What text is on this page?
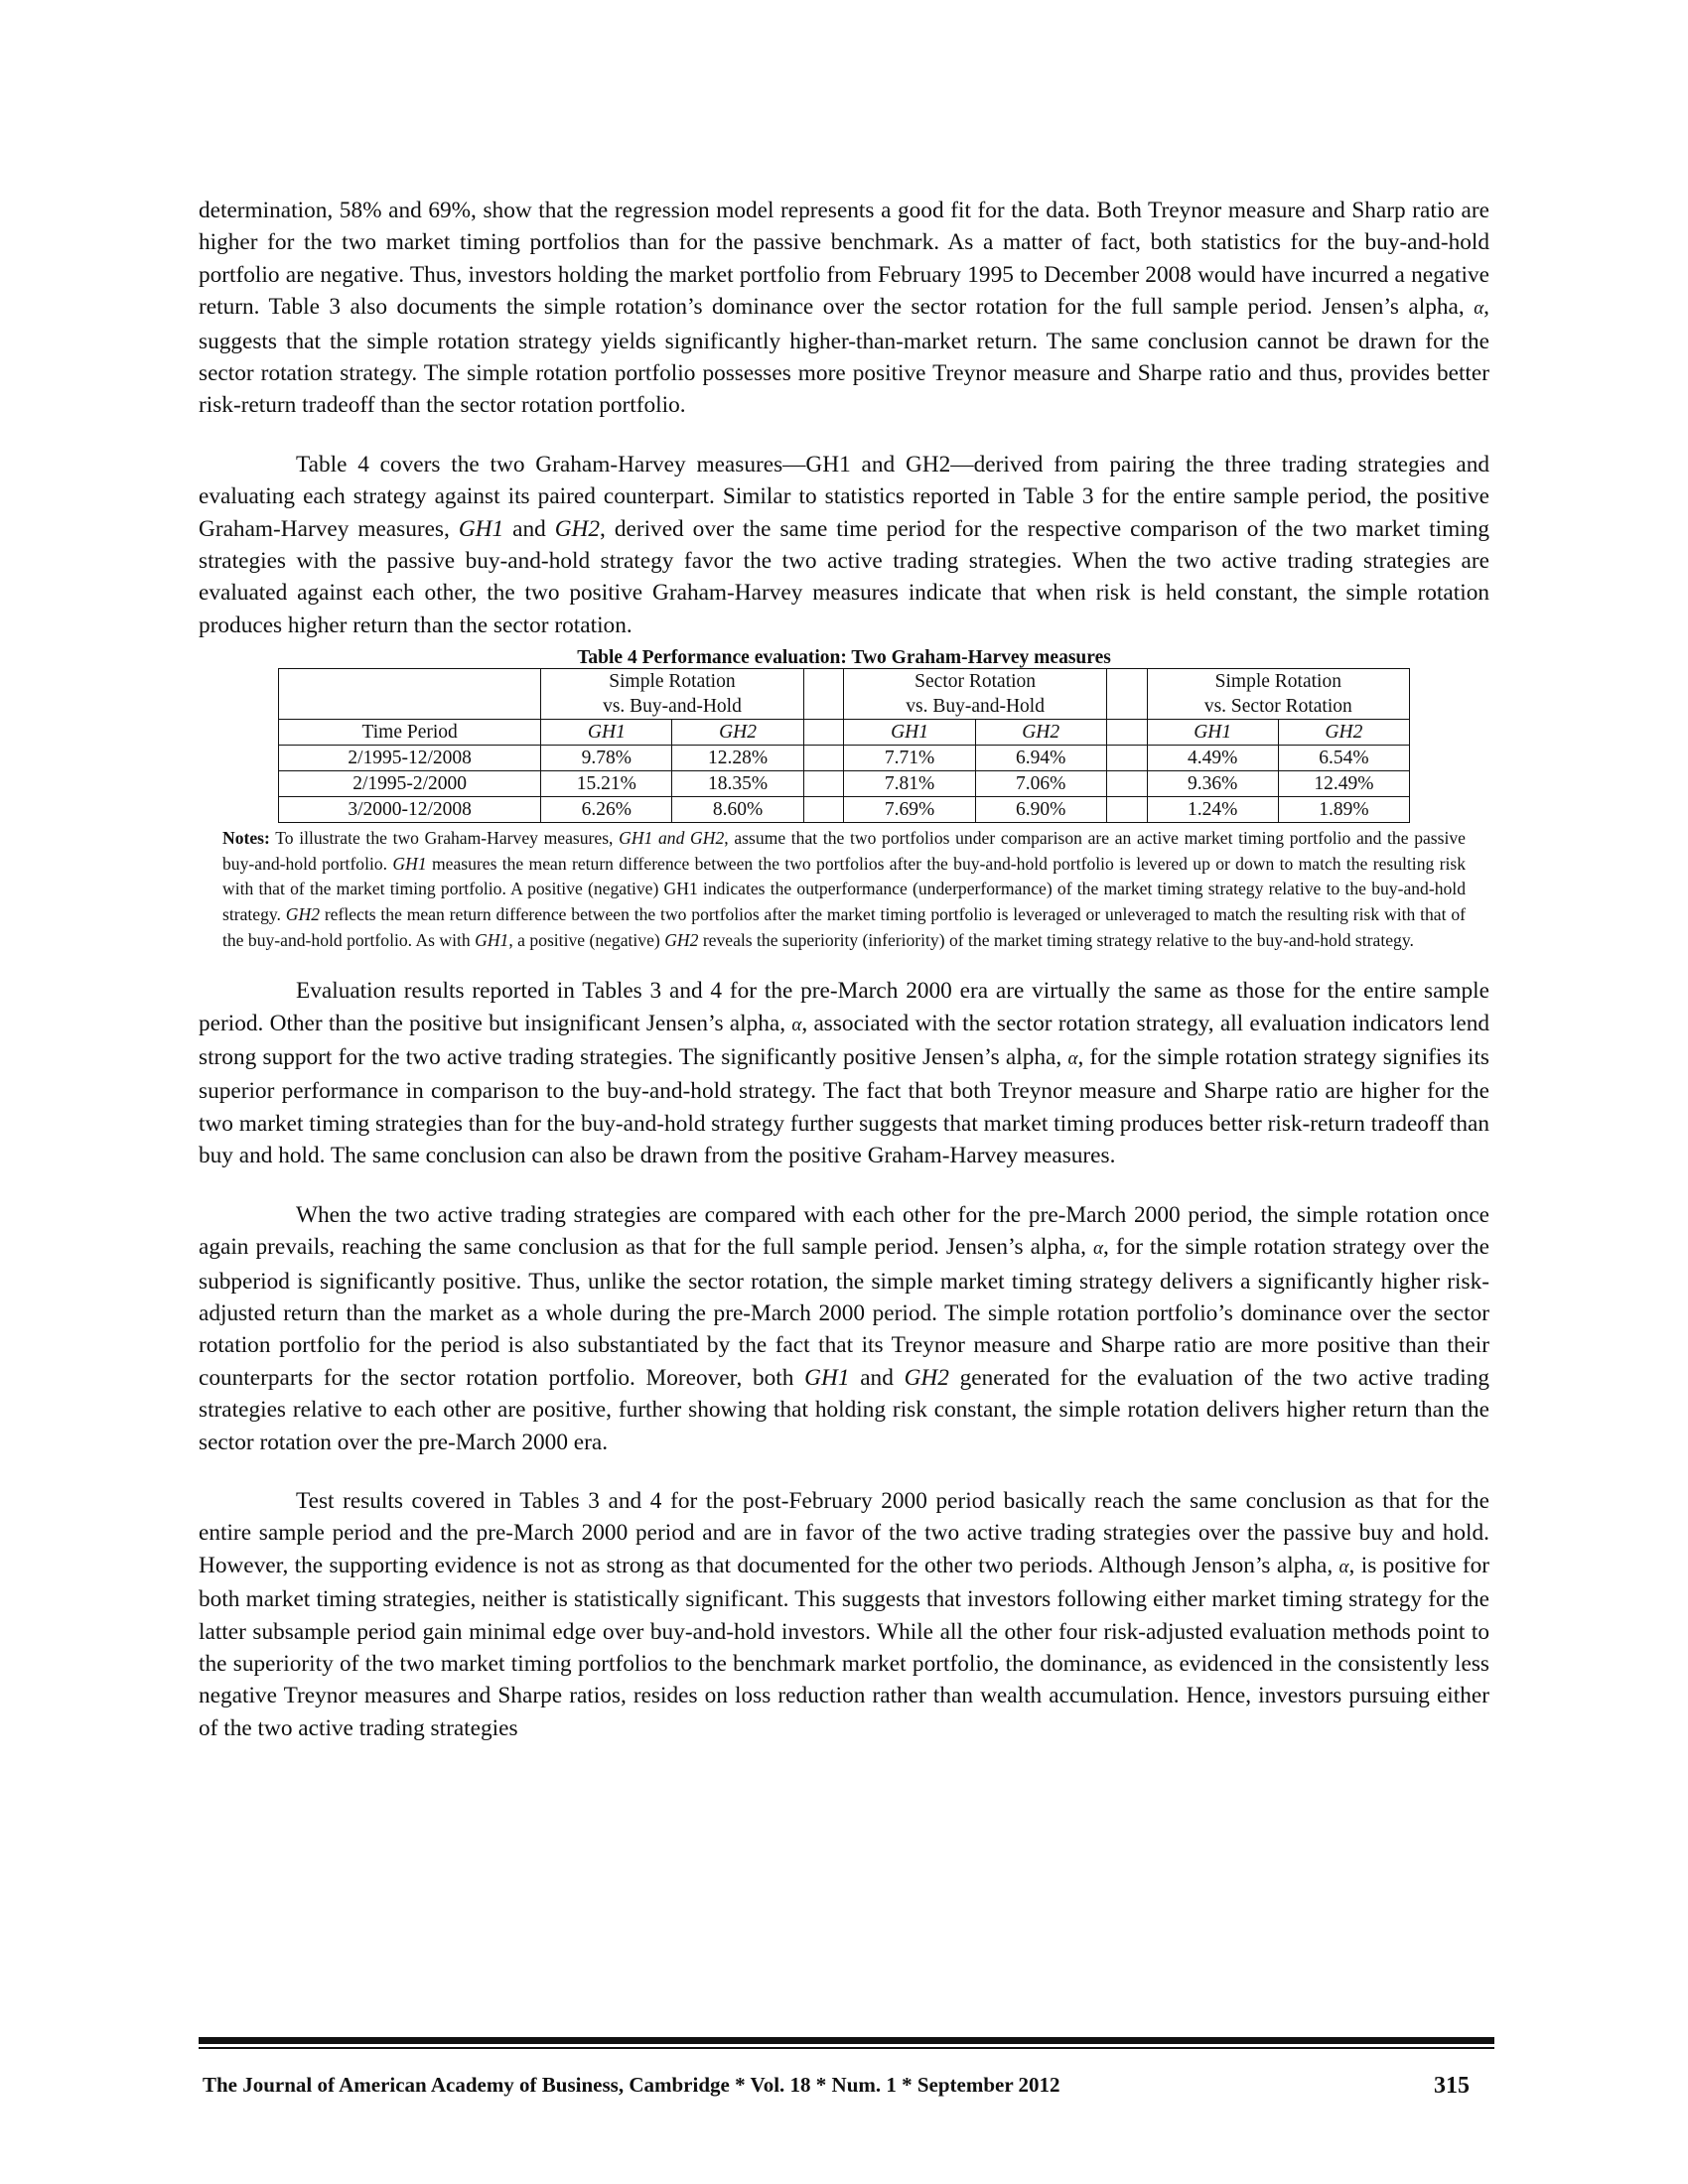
determination, 58% and 69%, show that the regression model represents a good fit for the data. Both Treynor measure and Sharp ratio are higher for the two market timing portfolios than for the passive benchmark. As a matter of fact, both statistics for the buy-and-hold portfolio are negative. Thus, investors holding the market portfolio from February 1995 to December 2008 would have incurred a negative return. Table 3 also documents the simple rotation’s dominance over the sector rotation for the full sample period. Jensen’s alpha, α, suggests that the simple rotation strategy yields significantly higher-than-market return. The same conclusion cannot be drawn for the sector rotation strategy. The simple rotation portfolio possesses more positive Treynor measure and Sharpe ratio and thus, provides better risk-return tradeoff than the sector rotation portfolio.

Table 4 covers the two Graham-Harvey measures—GH1 and GH2—derived from pairing the three trading strategies and evaluating each strategy against its paired counterpart. Similar to statistics reported in Table 3 for the entire sample period, the positive Graham-Harvey measures, GH1 and GH2, derived over the same time period for the respective comparison of the two market timing strategies with the passive buy-and-hold strategy favor the two active trading strategies. When the two active trading strategies are evaluated against each other, the two positive Graham-Harvey measures indicate that when risk is held constant, the simple rotation produces higher return than the sector rotation.

Table 4 Performance evaluation: Two Graham-Harvey measures
	Simple Rotation			Sector Rotation			Simple Rotation	
	vs. Buy-and-Hold			vs. Buy-and-Hold			vs. Sector Rotation	
Time Period	GH1	GH2		GH1	GH2		GH1	GH2
2/1995-12/2008	9.78%	12.28%		7.71%	6.94%		4.49%	6.54%
2/1995-2/2000	15.21%	18.35%		7.81%	7.06%		9.36%	12.49%
3/2000-12/2008	6.26%	8.60%		7.69%	6.90%		1.24%	1.89%
Notes: To illustrate the two Graham-Harvey measures, GH1 and GH2, assume that the two portfolios under comparison are an active market timing portfolio and the passive buy-and-hold portfolio. GH1 measures the mean return difference between the two portfolios after the buy-and-hold portfolio is levered up or down to match the resulting risk with that of the market timing portfolio. A positive (negative) GH1 indicates the outperformance (underperformance) of the market timing strategy relative to the buy-and-hold strategy. GH2 reflects the mean return difference between the two portfolios after the market timing portfolio is leveraged or unleveraged to match the resulting risk with that of the buy-and-hold portfolio. As with GH1, a positive (negative) GH2 reveals the superiority (inferiority) of the market timing strategy relative to the buy-and-hold strategy.

Evaluation results reported in Tables 3 and 4 for the pre-March 2000 era are virtually the same as those for the entire sample period. Other than the positive but insignificant Jensen’s alpha, α, associated with the sector rotation strategy, all evaluation indicators lend strong support for the two active trading strategies. The significantly positive Jensen’s alpha, α, for the simple rotation strategy signifies its superior performance in comparison to the buy-and-hold strategy. The fact that both Treynor measure and Sharpe ratio are higher for the two market timing strategies than for the buy-and-hold strategy further suggests that market timing produces better risk-return tradeoff than buy and hold. The same conclusion can also be drawn from the positive Graham-Harvey measures.

When the two active trading strategies are compared with each other for the pre-March 2000 period, the simple rotation once again prevails, reaching the same conclusion as that for the full sample period. Jensen’s alpha, α, for the simple rotation strategy over the subperiod is significantly positive. Thus, unlike the sector rotation, the simple market timing strategy delivers a significantly higher risk-adjusted return than the market as a whole during the pre-March 2000 period. The simple rotation portfolio’s dominance over the sector rotation portfolio for the period is also substantiated by the fact that its Treynor measure and Sharpe ratio are more positive than their counterparts for the sector rotation portfolio. Moreover, both GH1 and GH2 generated for the evaluation of the two active trading strategies relative to each other are positive, further showing that holding risk constant, the simple rotation delivers higher return than the sector rotation over the pre-March 2000 era.

Test results covered in Tables 3 and 4 for the post-February 2000 period basically reach the same conclusion as that for the entire sample period and the pre-March 2000 period and are in favor of the two active trading strategies over the passive buy and hold. However, the supporting evidence is not as strong as that documented for the other two periods. Although Jenson’s alpha, α, is positive for both market timing strategies, neither is statistically significant. This suggests that investors following either market timing strategy for the latter subsample period gain minimal edge over buy-and-hold investors. While all the other four risk-adjusted evaluation methods point to the superiority of the two market timing portfolios to the benchmark market portfolio, the dominance, as evidenced in the consistently less negative Treynor measures and Sharpe ratios, resides on loss reduction rather than wealth accumulation. Hence, investors pursuing either of the two active trading strategies

The Journal of American Academy of Business, Cambridge * Vol. 18 * Num. 1 * September 2012	315
